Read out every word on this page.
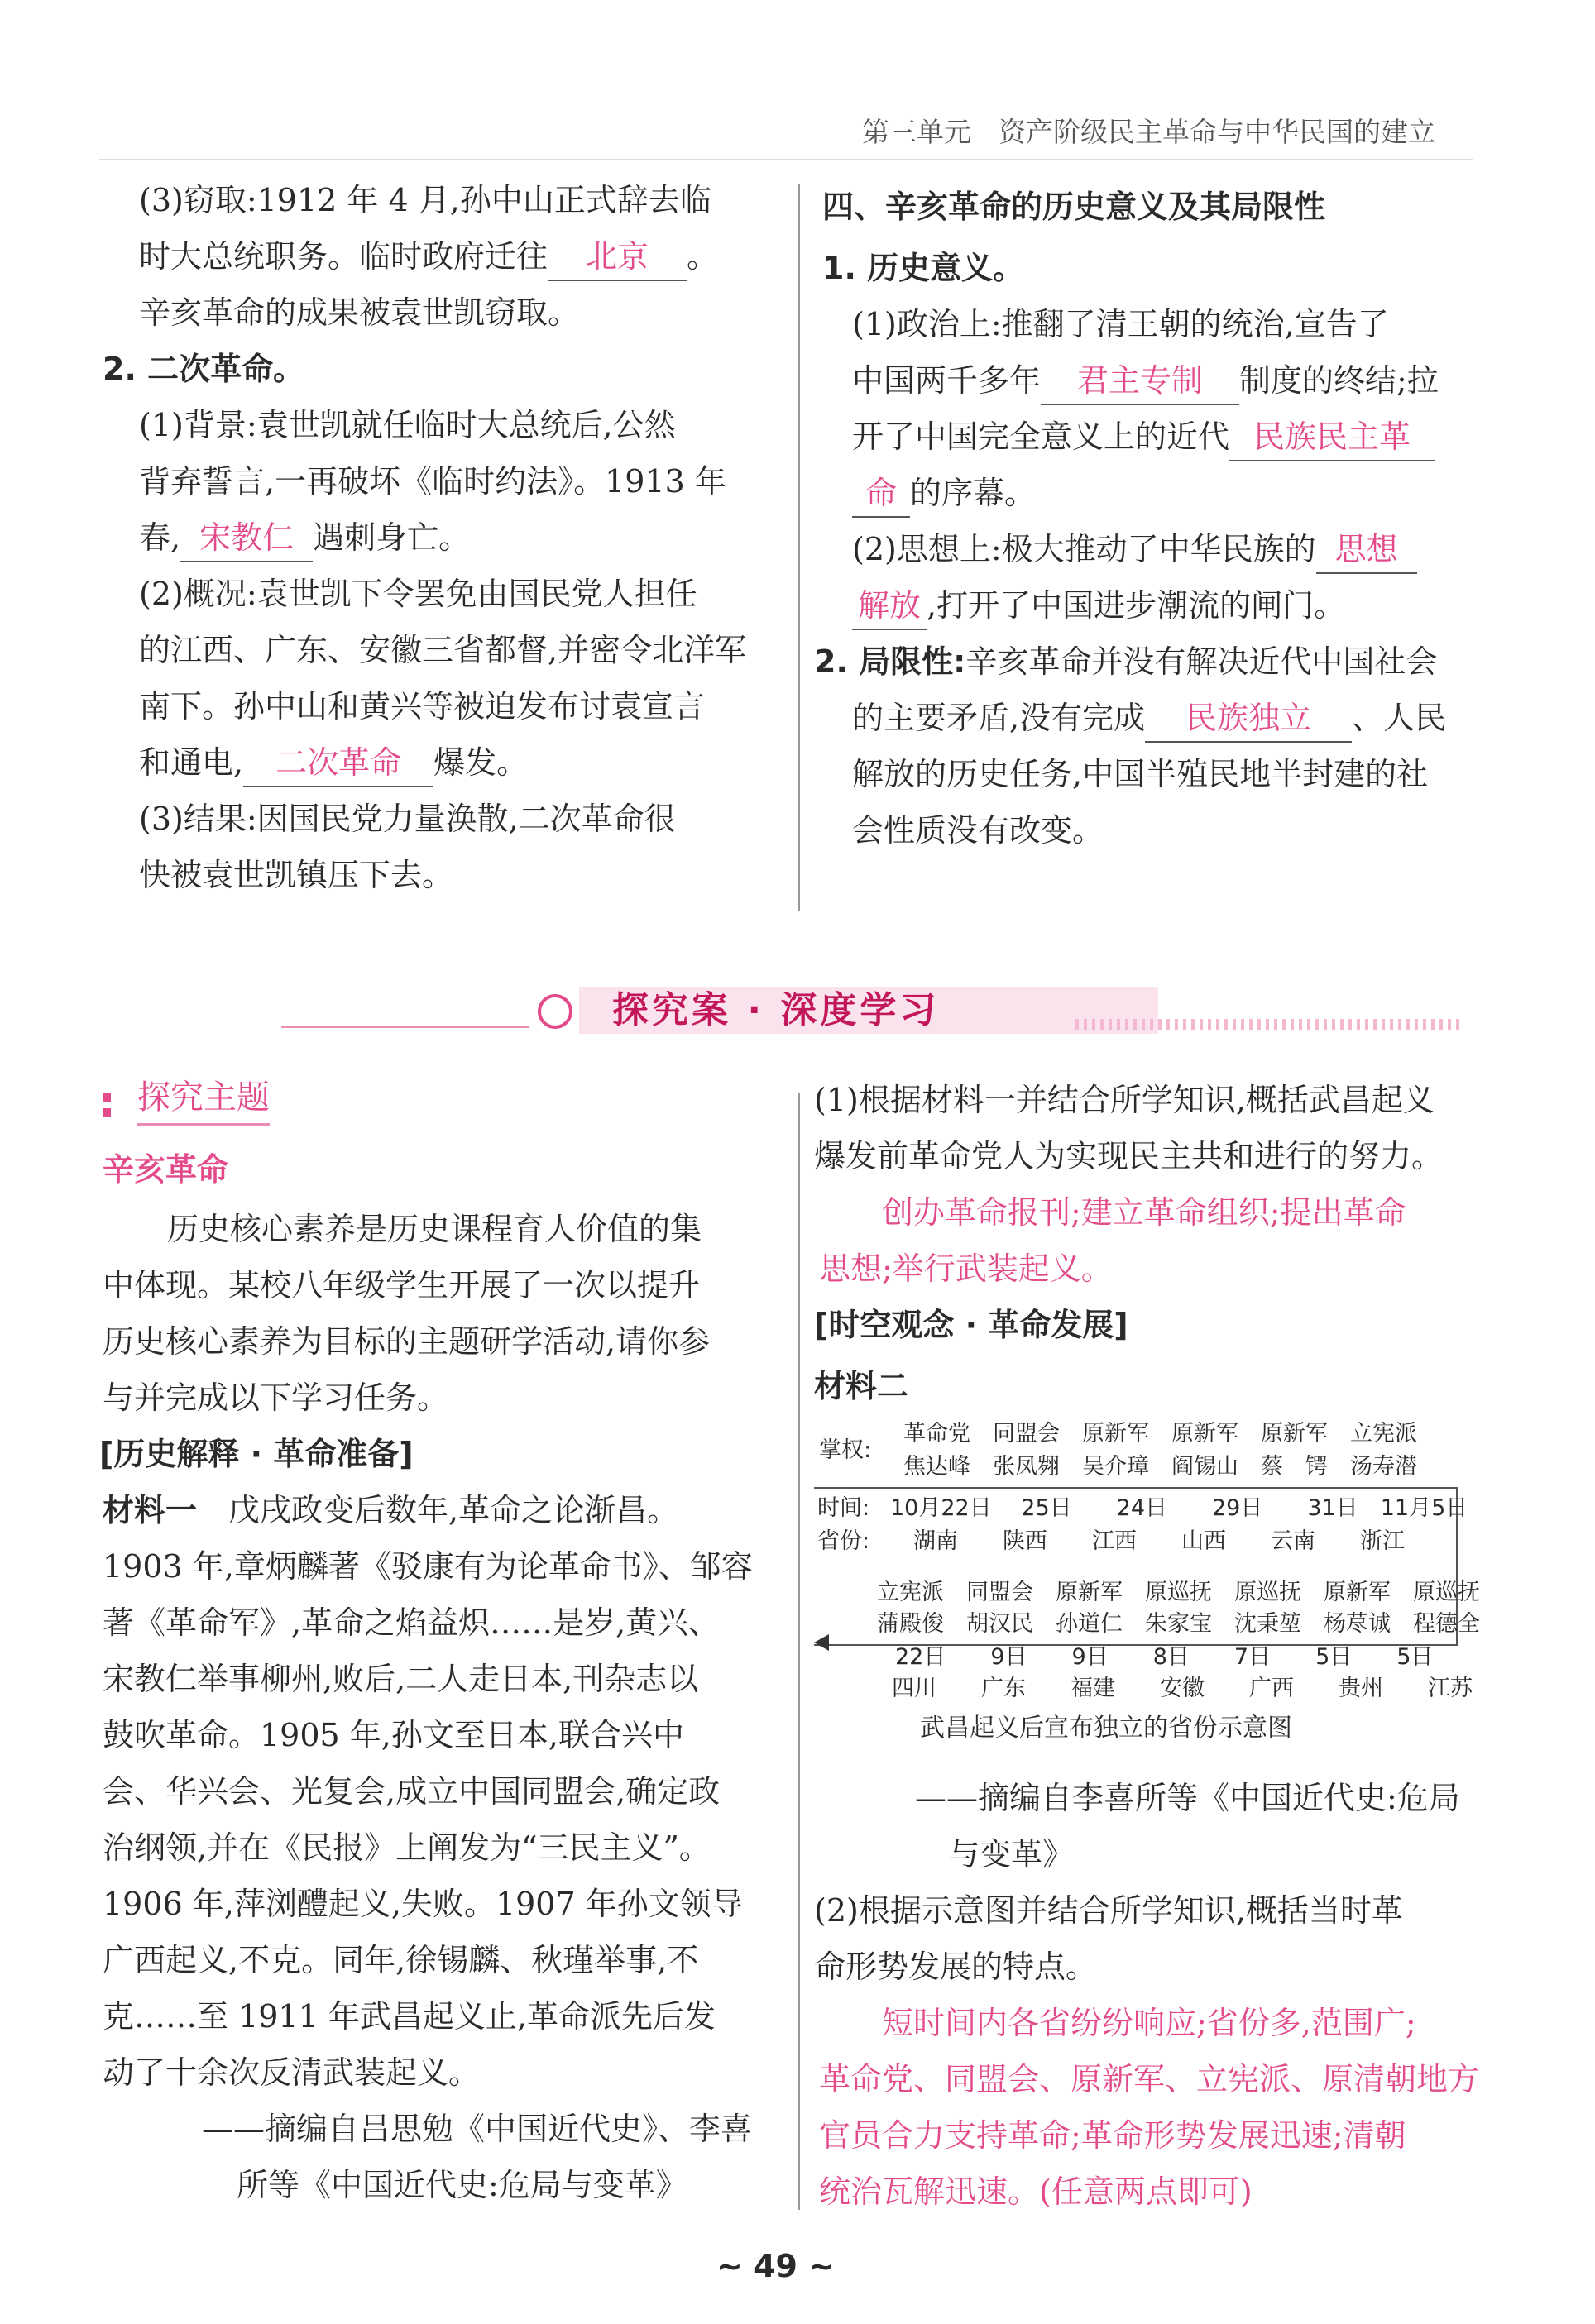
第三单元　资产阶级民主革命与中华民国的建立
(3)窃取:1912 年 4 月,孙中山正式辞去临
时大总统职务。临时政府迁往 北京 。
辛亥革命的成果被袁世凯窃取。
2. 二次革命。
(1)背景:袁世凯就任临时大总统后,公然
背弃誓言,一再破坏《临时约法》。1913 年
春, 宋教仁 遇刺身亡。
(2)概况:袁世凯下令罢免由国民党人担任
的江西、广东、安徽三省都督,并密令北洋军
南下。孙中山和黄兴等被迫发布讨袁宣言
和通电, 二次革命 爆发。
(3)结果:因国民党力量涣散,二次革命很
快被袁世凯镇压下去。
四、辛亥革命的历史意义及其局限性
1. 历史意义。
(1)政治上:推翻了清王朝的统治,宣告了
中国两千多年 君主专制 制度的终结;拉
开了中国完全意义上的近代 民族民主革
命 的序幕。
(2)思想上:极大推动了中华民族的 思想
解放 ,打开了中国进步潮流的闸门。
2. 局限性:辛亥革命并没有解决近代中国社会
的主要矛盾,没有完成 民族独立 、人民
解放的历史任务,中国半殖民地半封建的社
会性质没有改变。
探究案 · 深度学习
探究主题
辛亥革命
历史核心素养是历史课程育人价值的集
中体现。某校八年级学生开展了一次以提升
历史核心素养为目标的主题研学活动,请你参
与并完成以下学习任务。
[历史解释 · 革命准备]
材料一　戊戌政变后数年,革命之论渐昌。
1903 年,章炳麟著《驳康有为论革命书》、邹容
著《革命军》,革命之焰益炽……是岁,黄兴、
宋教仁举事柳州,败后,二人走日本,刊杂志以
鼓吹革命。1905 年,孙文至日本,联合兴中
会、华兴会、光复会,成立中国同盟会,确定政
治纲领,并在《民报》上阐发为“三民主义”。
1906 年,萍浏醴起义,失败。1907 年孙文领导
广西起义,不克。同年,徐锡麟、秋瑾举事,不
克……至 1911 年武昌起义止,革命派先后发
动了十余次反清武装起义。
——摘编自吕思勉《中国近代史》、李喜
所等《中国近代史:危局与变革》
(1)根据材料一并结合所学知识,概括武昌起义
爆发前革命党人为实现民主共和进行的努力。
创办革命报刊;建立革命组织;提出革命
思想;举行武装起义。
[时空观念 · 革命发展]
材料二
掌权:
革命党　同盟会　原新军　原新军　原新军　立宪派
焦达峰　张凤翙　吴介璋　阎锡山　蔡　锷　汤寿潜
时间: 10月22日　 25日　　24日　　29日　　31日　11月5日
省份: 湖南　　陕西　　江西　　山西　　云南　　浙江
立宪派　同盟会　原新军　原巡抚　原巡抚　原新军　原巡抚
蒲殿俊　胡汉民　孙道仁　朱家宝　沈秉堃　杨荩诚　程德全
22日　　9日　　9日　　8日　　7日　　5日　　5日
四川　　广东　　福建　　安徽　　广西　　贵州　　江苏
武昌起义后宣布独立的省份示意图
——摘编自李喜所等《中国近代史:危局
与变革》
(2)根据示意图并结合所学知识,概括当时革
命形势发展的特点。
短时间内各省纷纷响应;省份多,范围广;
革命党、同盟会、原新军、立宪派、原清朝地方
官员合力支持革命;革命形势发展迅速;清朝
统治瓦解迅速。(任意两点即可)
~ 49 ~
